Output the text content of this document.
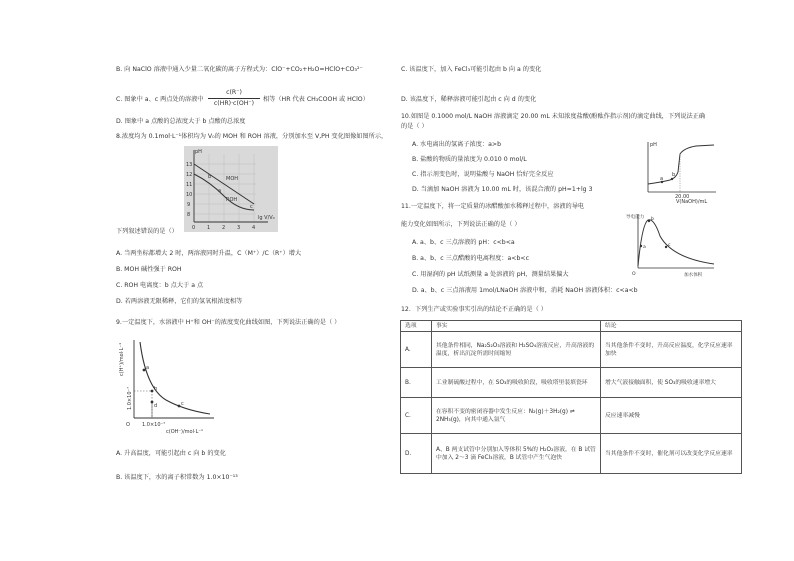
B. 向 NaClO 溶液中通入少量二氧化碳的离子方程式为：ClO⁻+CO₂+H₂O=HClO+CO₃²⁻
C. 图象中 a、c 两点处的溶液中
c(R⁻)
c(HR)·c(OH⁻)
相等（HR 代表 CH₃COOH 或 HClO）
D. 图象中 a 点酸的总浓度大于 b 点酸的总浓度
8.浓度均为 0.1mol·L⁻¹体积均为 V₀的 MOH 和 ROH 溶液，分别加水至 V,PH 变化图像如图所示，
pH
13
12
11
10
9
8
MOH
ROH
a
b
c
0 1 2 3 4
lg V/V₀
下列叙述错误的是（）
A. 当两坐标都增大 2 时，两溶液同时升温，C（M⁺）/C（R⁺）增大
B. MOH 碱性强于 ROH
C. ROH 电离度：b 点大于 a 点
D. 若两溶液无限稀释，它们的氢氧根浓度相等
9.一定温度下，水溶液中 H⁺和 OH⁻的浓度变化曲线如图，下列说法正确的是（ ）
c(H⁺)/mol·L⁻¹
1.0×10⁻⁷
a
b
c
d
O 1.0×10⁻⁷
c(OH⁻)/mol·L⁻¹
A. 升高温度，可能引起由 c 向 b 的变化
B. 该温度下，水的离子积常数为 1.0×10⁻¹³
C. 该温度下，加入 FeCl₃可能引起由 b 向 a 的变化
D. 该温度下，稀释溶液可能引起由 c 向 d 的变化
10.如图是 0.1000 mol/L NaOH 溶液滴定 20.00 mL 未知浓度盐酸(酚酞作指示剂)的滴定曲线，下列说法正确
的是（ ）
A. 水电离出的氢离子浓度：a>b
B. 盐酸的物质的量浓度为 0.010 0 mol/L
C. 指示剂变色时，说明盐酸与 NaOH 恰好完全反应
D. 当滴加 NaOH 溶液为 10.00 mL 时，该混合液的 pH=1+lg 3
pH
a
b
20.00
V(NaOH)/mL
11.一定温度下，将一定质量的冰醋酸加水稀释过程中，溶液的导电
能力变化如图所示，下列说法正确的是（ ）
A. a、b、c 三点溶液的 pH：c<b<a
B. a、b、c 三点醋酸的电离程度：a<b<c
C. 用湿润的 pH 试纸测量 a 处溶液的 pH，测量结果偏大
D. a、b、c 三点溶液用 1mol/LNaOH 溶液中和，消耗 NaOH 溶液体积：c<a<b
导电能力
a
b
c
O	加水体积
12．下列生产或实验事实引出的结论不正确的是（ ）
选项	事实	结论
A.	其他条件相同，Na₂S₂O₃溶液和 H₂SO₄溶液反应，升高溶液的温度，析出沉淀所需时间缩短	当其他条件不变时，升高反应温度，化学反应速率加快
B.	工业制硫酸过程中，在 SO₃的吸收阶段，吸收塔里装填瓷环	增大气液接触面积，使 SO₃的吸收速率增大
C.	在容积不变的密闭容器中发生反应：N₂(g)＋3H₂(g) ⇌ 2NH₃(g)，向其中通入氩气	反应速率减慢
D.	A、B 两支试管中分别加入等体积 5%的 H₂O₂溶液，在 B 试管中加入 2～3 滴 FeCl₃溶液，B 试管中产生气泡快	当其他条件不变时，催化剂可以改变化学反应速率
